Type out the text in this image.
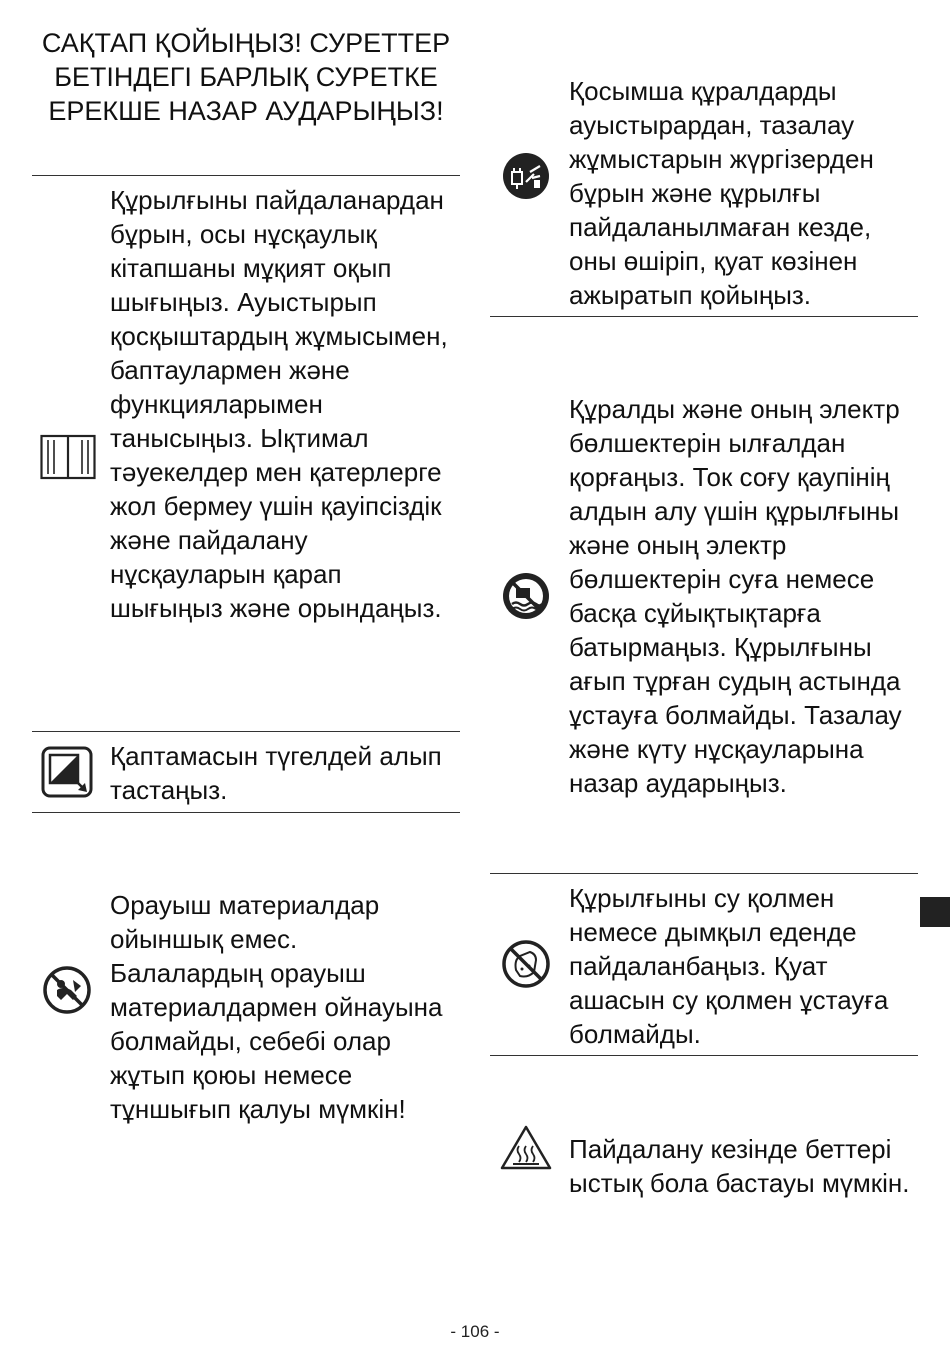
САҚТАП ҚОЙЫҢЫЗ! СУРЕТТЕР БЕТІНДЕГІ БАРЛЫҚ СУРЕТКЕ ЕРЕКШЕ НАЗАР АУДАРЫҢЫЗ!

Құрылғыны пайдаланардан бұрын, осы нұсқаулық кітапшаны мұқият оқып шығыңыз. Ауыстырып қосқыштардың жұмысымен, баптаулармен және функцияларымен танысыңыз. Ықтимал тәуекелдер мен қатерлерге жол бермеу үшін қауіпсіздік және пайдалану нұсқауларын қарап шығыңыз және орындаңыз.

Қаптамасын түгелдей алып тастаңыз.

Орауыш материалдар ойыншық емес. Балалардың орауыш материалдармен ойнауына болмайды, себебі олар жұтып қоюы немесе тұншығып қалуы мүмкін!

Қосымша құралдарды ауыстырардан, тазалау жұмыстарын жүргізерден бұрын және құрылғы пайдаланылмаған кезде, оны өшіріп, қуат көзінен ажыратып қойыңыз.

Құралды және оның электр бөлшектерін ылғалдан қорғаңыз. Ток соғу қаупінің алдын алу үшін құрылғыны және оның электр бөлшектерін суға немесе басқа сұйықтықтарға батырмаңыз. Құрылғыны ағып тұрған судың астында ұстауға болмайды. Тазалау және күту нұсқауларына назар аударыңыз.

Құрылғыны су қолмен немесе дымқыл еденде пайдаланбаңыз. Қуат ашасын су қолмен ұстауға болмайды.

Пайдалану кезінде беттері ыстық бола бастауы мүмкін.

- 106 -
